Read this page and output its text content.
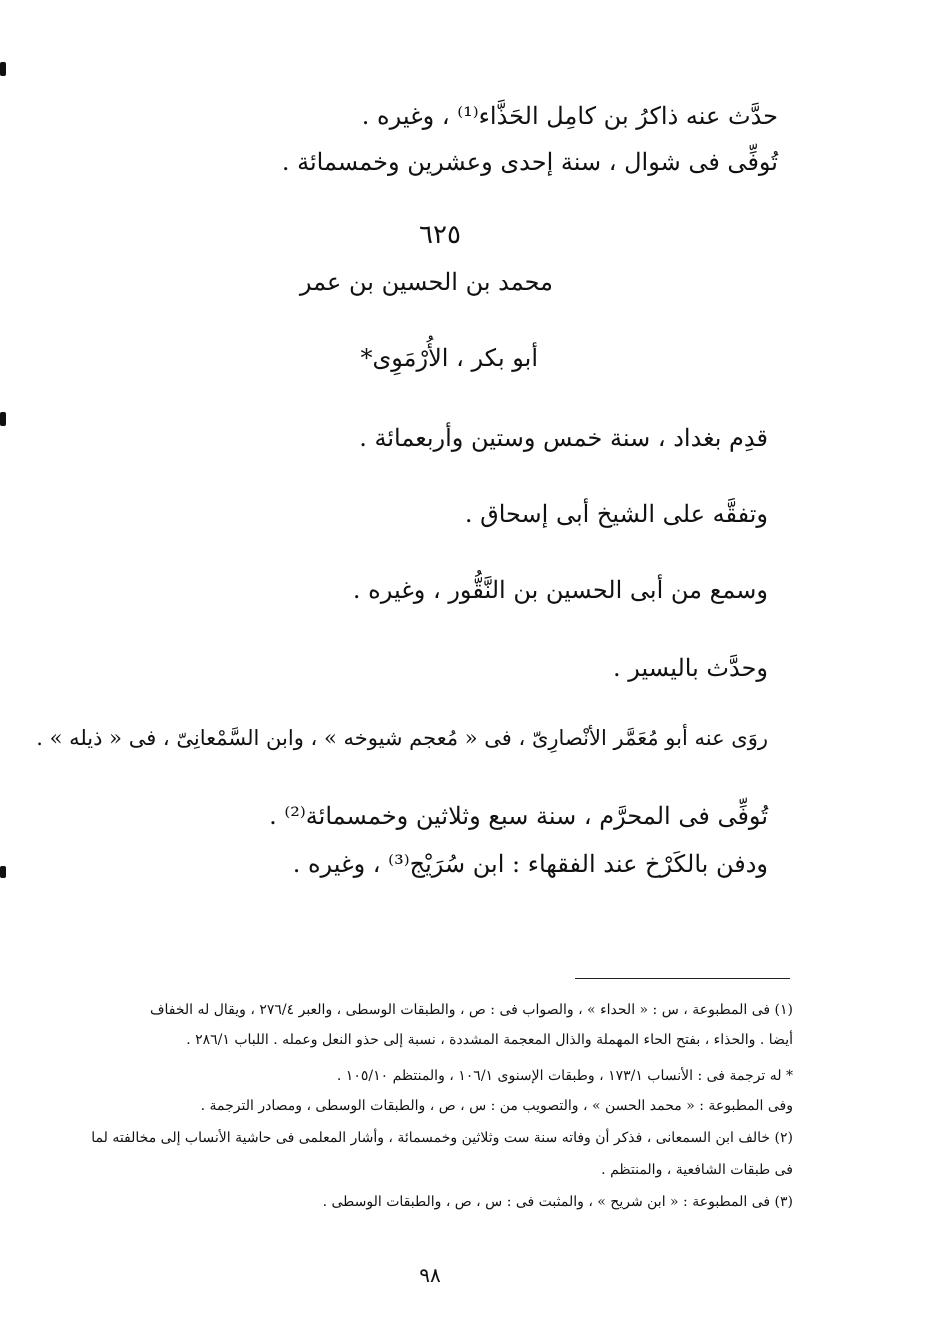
حدَّث عنه ذاكرُ بن كامِل الحَذَّاء⁽¹⁾ ، وغيره .
تُوفِّى فى شوال ، سنة إحدى وعشرين وخمسمائة .
٦٢٥
محمد بن الحسين بن عمر
أبو بكر ، الأُرْمَوِى*
قدِم بغداد ، سنة خمس وستين وأربعمائة .
وتفقَّه على الشيخ أبى إسحاق .
وسمع من أبى الحسين بن النَّقُّور ، وغيره .
وحدَّث باليسير .
روَى عنه أبو مُعَمَّر الأنْصارِىّ ، فى « مُعجم شيوخه » ، وابن السَّمْعانِىّ ، فى « ذيله » .
تُوفِّى فى المحرَّم ، سنة سبع وثلاثين وخمسمائة⁽²⁾ .
ودفن بالكَرْخ عند الفقهاء : ابن سُرَيْج⁽³⁾ ، وغيره .
(١) فى المطبوعة ، س : « الحداء » ، والصواب فى : ص ، والطبقات الوسطى ، والعبر ٢٧٦/٤ ، ويقال له الخفاف
أيضا . والحذاء ، بفتح الحاء المهملة والذال المعجمة المشددة ، نسبة إلى حذو النعل وعمله . اللباب ٢٨٦/١ .
* له ترجمة فى : الأنساب ١٧٣/١ ، وطبقات الإسنوى ١٠٦/١ ، والمنتظم ١٠٥/١٠ .
وفى المطبوعة : « محمد الحسن » ، والتصويب من : س ، ص ، والطبقات الوسطى ، ومصادر الترجمة .
(٢) خالف ابن السمعانى ، فذكر أن وفاته سنة ست وثلاثين وخمسمائة ، وأشار المعلمى فى حاشية الأنساب إلى مخالفته لما
فى طبقات الشافعية ، والمنتظم .
(٣) فى المطبوعة : « ابن شريح » ، والمثبت فى : س ، ص ، والطبقات الوسطى .
٩٨
